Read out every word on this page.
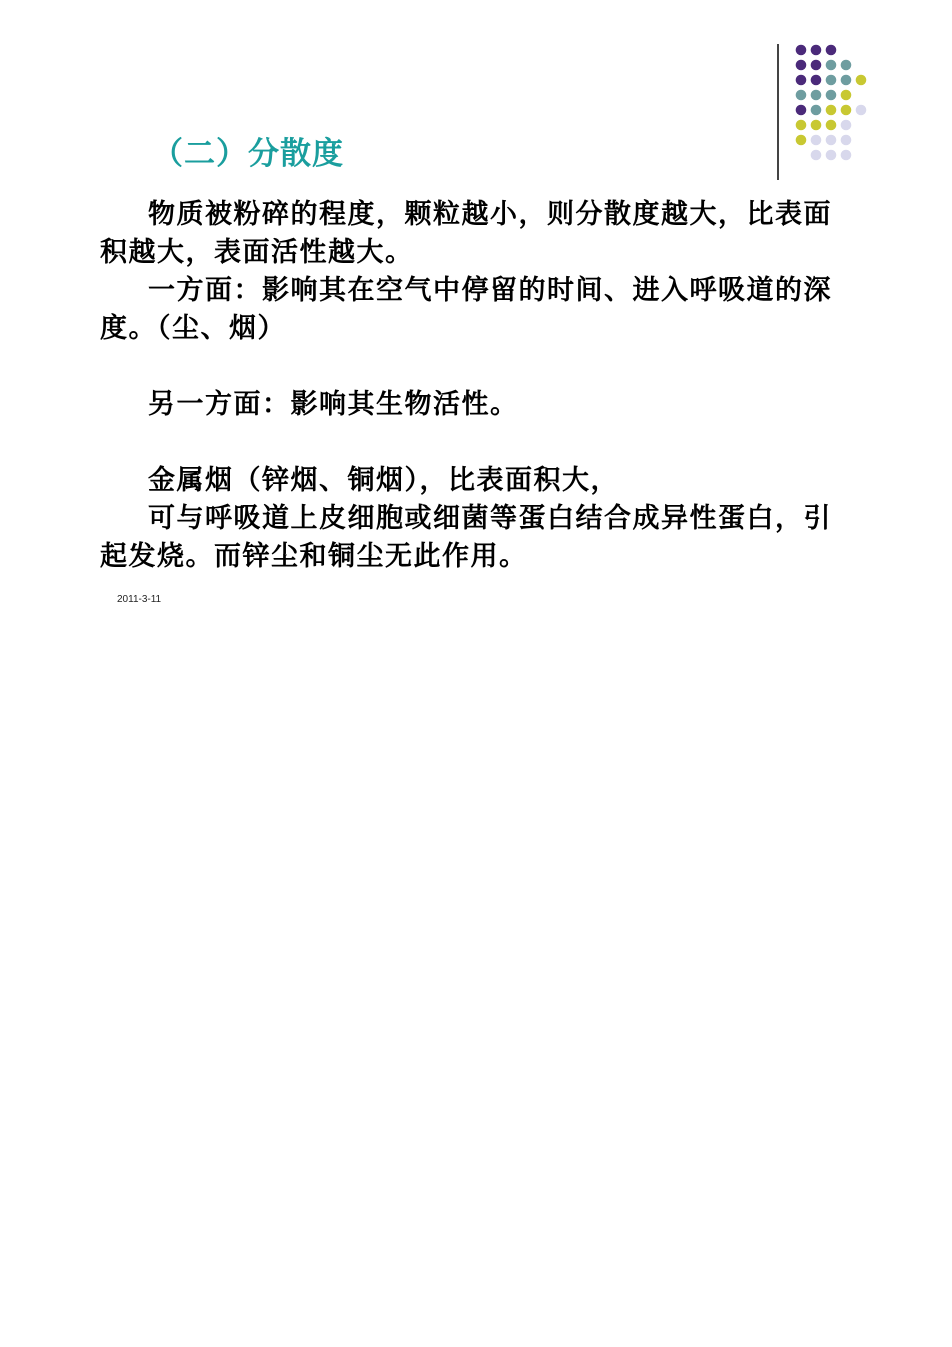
（二）分散度

物质被粉碎的程度，颗粒越小，则分散度越大，比表面积越大，表面活性越大。

一方面：影响其在空气中停留的时间、进入呼吸道的深度。（尘、烟）

另一方面：影响其生物活性。

金属烟（锌烟、铜烟），比表面积大，

可与呼吸道上皮细胞或细菌等蛋白结合成异性蛋白，引起发烧。而锌尘和铜尘无此作用。

2011-3-11
